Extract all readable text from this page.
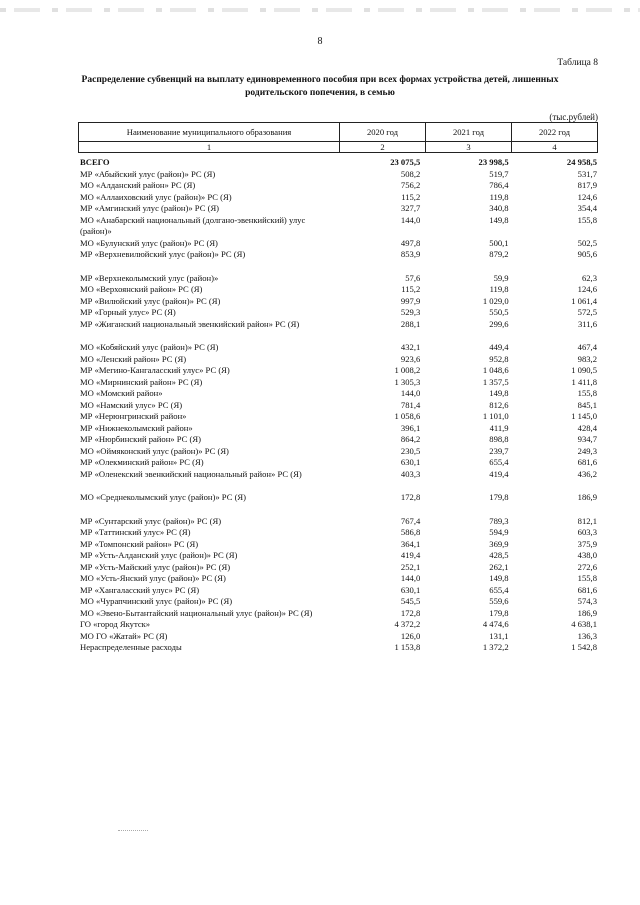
8
Таблица 8
Распределение субвенций на выплату единовременного пособия при всех формах устройства детей, лишенных родительского попечения, в семью
(тыс.рублей)
Наименование муниципального образования	2020 год	2021 год	2022 год
1	2	3	4
ВСЕГО	23 075,5	23 998,5	24 958,5
МР «Абыйский улус (район)» РС (Я)	508,2	519,7	531,7
МО «Алданский район» РС (Я)	756,2	786,4	817,9
МО «Аллаиховский улус (район)» РС (Я)	115,2	119,8	124,6
МР «Амгинский улус (район)» РС (Я)	327,7	340,8	354,4
МО «Анабарский национальный (долгано-эвенкийский) улус (район)»	144,0	149,8	155,8
МО «Булунский улус (район)» РС (Я)	497,8	500,1	502,5
МР «Верхневилюйский улус (район)» РС (Я)	853,9	879,2	905,6

МР «Верхнеколымский улус (район)»	57,6	59,9	62,3
МО «Верхоянский район» РС (Я)	115,2	119,8	124,6
МР «Вилюйский улус (район)» РС (Я)	997,9	1 029,0	1 061,4
МР «Горный улус» РС (Я)	529,3	550,5	572,5
МР «Жиганский национальный эвенкийский район» РС (Я)	288,1	299,6	311,6

МО «Кобяйский улус (район)» РС (Я)	432,1	449,4	467,4
МО «Ленский район» РС (Я)	923,6	952,8	983,2
МР «Мегино-Кангаласский улус» РС (Я)	1 008,2	1 048,6	1 090,5
МО «Мирнинский район» РС (Я)	1 305,3	1 357,5	1 411,8
МО «Момский район»	144,0	149,8	155,8
МО «Намский улус» РС (Я)	781,4	812,6	845,1
МР «Нерюнгринский район»	1 058,6	1 101,0	1 145,0
МР «Нижнеколымский район»	396,1	411,9	428,4
МР «Нюрбинский район» РС (Я)	864,2	898,8	934,7
МО «Оймяконский улус (район)» РС (Я)	230,5	239,7	249,3
МР «Олекминский район» РС (Я)	630,1	655,4	681,6
МР «Оленекский эвенкийский национальный район» РС (Я)	403,3	419,4	436,2

МО «Среднеколымский улус (район)» РС (Я)	172,8	179,8	186,9

МР «Сунтарский улус (район)» РС (Я)	767,4	789,3	812,1
МР «Таттинский улус» РС (Я)	586,8	594,9	603,3
МР «Томпонский район» РС (Я)	364,1	369,9	375,9
МР «Усть-Алданский улус (район)» РС (Я)	419,4	428,5	438,0
МР «Усть-Майский улус (район)» РС (Я)	252,1	262,1	272,6
МО «Усть-Янский улус (район)» РС (Я)	144,0	149,8	155,8
МР «Хангаласский улус» РС (Я)	630,1	655,4	681,6
МО «Чурапчинский улус (район)» РС (Я)	545,5	559,6	574,3
МО «Эвено-Бытантайский национальный улус (район)» РС (Я)	172,8	179,8	186,9
ГО «город Якутск»	4 372,2	4 474,6	4 638,1
МО ГО «Жатай» РС (Я)	126,0	131,1	136,3
Нераспределенные расходы	1 153,8	1 372,2	1 542,8
